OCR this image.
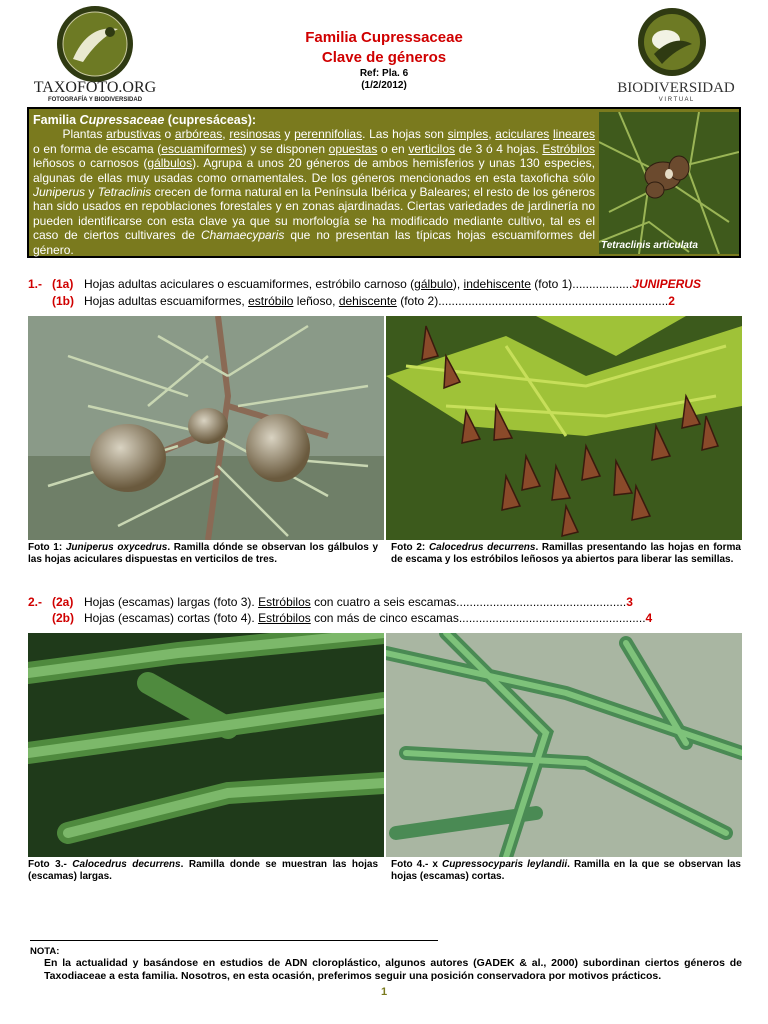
TAXOFOTO.ORG
FOTOGRAFÍA Y BIODIVERSIDAD
Familia Cupressaceae
Clave de géneros
Ref: Pla. 6
(1/2/2012)	BIODIVERSIDAD
V I R T U A L
Familia Cupressaceae (cupresáceas):
Plantas arbustivas o arbóreas, resinosas y perennifolias. Las hojas son simples, aciculares lineares o en forma de escama (escuamiformes) y se disponen opuestas o en verticilos de 3 ó 4 hojas. Estróbilos leñosos o carnosos (gálbulos). Agrupa a unos 20 géneros de ambos hemisferios y unas 130 especies, algunas de ellas muy usadas como ornamentales. De los géneros mencionados en esta taxoficha sólo Juniperus y Tetraclinis crecen de forma natural en la Península Ibérica y Baleares; el resto de los géneros han sido usados en repoblaciones forestales y en zonas ajardinadas. Ciertas variedades de jardinería no pueden identificarse con esta clave ya que su morfología se ha modificado mediante cultivo, tal es el caso de ciertos cultivares de Chamaecyparis que no presentan las típicas hojas escuamiformes del género.	Tetraclinis articulata
1.- (1a) Hojas adultas aciculares o escuamiformes, estróbilo carnoso (gálbulo), indehiscente (foto 1)..................JUNIPERUS
(1b) Hojas adultas escuamiformes, estróbilo leñoso, dehiscente (foto 2).....................................................................2
Foto 1: Juniperus oxycedrus. Ramilla dónde se observan los gálbulos y las hojas aciculares dispuestas en verticilos de tres.
Foto 2: Calocedrus decurrens. Ramillas presentando las hojas en forma de escama y los estróbilos leñosos ya abiertos para liberar las semillas.
2.- (2a) Hojas (escamas) largas (foto 3). Estróbilos con cuatro a seis escamas...................................................3
(2b) Hojas (escamas) cortas (foto 4). Estróbilos con más de cinco escamas........................................................4
Foto 3.- Calocedrus decurrens. Ramilla donde se muestran las hojas (escamas) largas.
Foto 4.- x Cupressocyparis leylandii. Ramilla en la que se observan las hojas (escamas) cortas.
NOTA:
En la actualidad y basándose en estudios de ADN cloroplástico, algunos autores (GADEK & al., 2000) subordinan ciertos géneros de Taxodiaceae a esta familia. Nosotros, en esta ocasión, preferimos seguir una posición conservadora por motivos prácticos.
1
